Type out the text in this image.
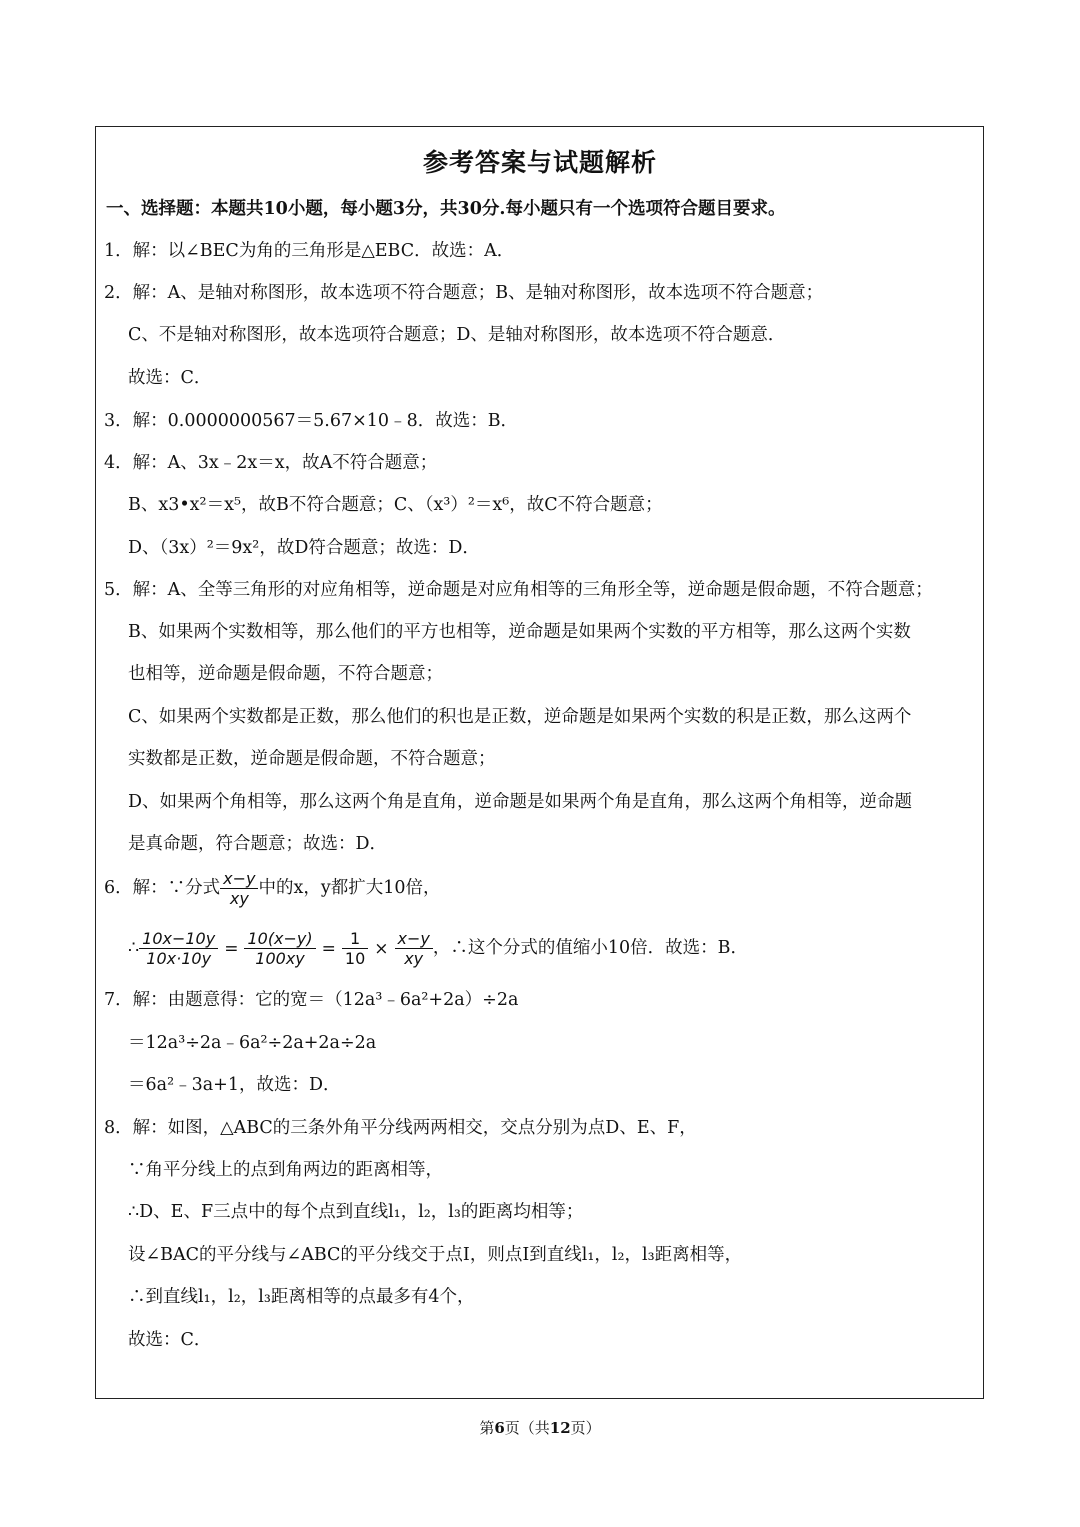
参考答案与试题解析
一、选择题：本题共10小题，每小题3分，共30分.每小题只有一个选项符合题目要求。
1．解：以∠BEC为角的三角形是△EBC．故选：A．
2．解：A、是轴对称图形，故本选项不符合题意；B、是轴对称图形，故本选项不符合题意；
C、不是轴对称图形，故本选项符合题意；D、是轴对称图形，故本选项不符合题意．
故选：C．
3．解：0.0000000567＝5.67×10﹣8．故选：B．
4．解：A、3x﹣2x＝x，故A不符合题意；
B、x3•x²＝x⁵，故B不符合题意；C、（x³）²＝x⁶，故C不符合题意；
D、（3x）²＝9x²，故D符合题意；故选：D．
5．解：A、全等三角形的对应角相等，逆命题是对应角相等的三角形全等，逆命题是假命题，不符合题意；
B、如果两个实数相等，那么他们的平方也相等，逆命题是如果两个实数的平方相等，那么这两个实数
也相等，逆命题是假命题，不符合题意；
C、如果两个实数都是正数，那么他们的积也是正数，逆命题是如果两个实数的积是正数，那么这两个
实数都是正数，逆命题是假命题，不符合题意；
D、如果两个角相等，那么这两个角是直角，逆命题是如果两个角是直角，那么这两个角相等，逆命题
是真命题，符合题意；故选：D．
6．解：∵分式 $\frac{x-y}{xy}$ 中的x，y都扩大10倍，
∴ $\frac{10x-10y}{10x\cdot 10y} = \frac{10(x-y)}{100xy} = \frac{1}{10} \times \frac{x-y}{xy}$ ，∴这个分式的值缩小10倍．故选：B．
7．解：由题意得：它的宽＝（12a³﹣6a²+2a）÷2a
＝12a³÷2a﹣6a²÷2a+2a÷2a
＝6a²﹣3a+1，故选：D．
8．解：如图，△ABC的三条外角平分线两两相交，交点分别为点D、E、F，
∵角平分线上的点到角两边的距离相等，
∴D、E、F三点中的每个点到直线l₁，l₂，l₃的距离均相等；
设∠BAC的平分线与∠ABC的平分线交于点I，则点I到直线l₁，l₂，l₃距离相等，
∴到直线l₁，l₂，l₃距离相等的点最多有4个，
故选：C．
第6页（共12页）
